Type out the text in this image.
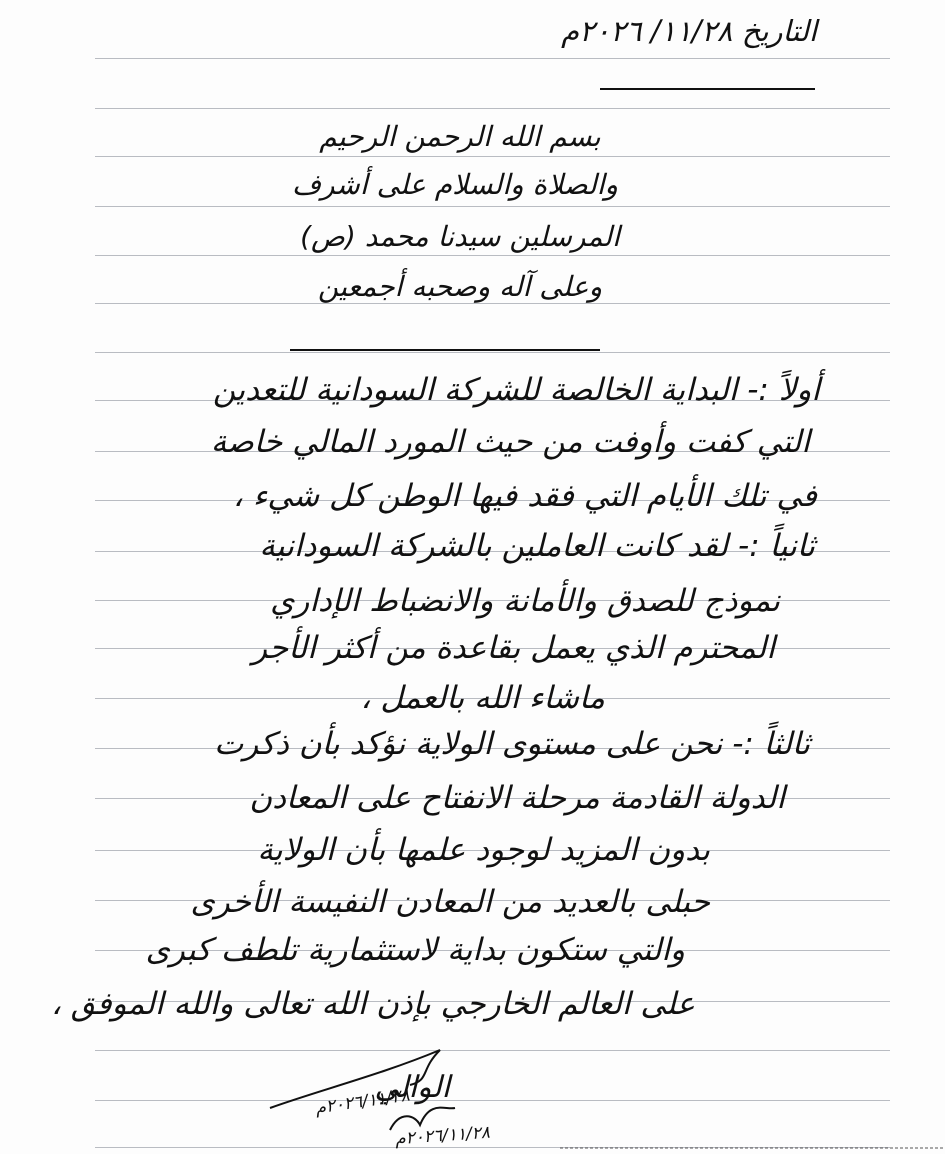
التاريخ ١١/٢٨/ ٢٠٢٦م
بسم الله الرحمن الرحيم
والصلاة والسلام على أشرف
المرسلين سيدنا محمد (ص)
وعلى آله وصحبه أجمعين
أولاً :- البداية الخالصة للشركة السودانية للتعدين
التي كفت وأوفت من حيث المورد المالي خاصة
في تلك الأيام التي فقد فيها الوطن كل شيء ،
ثانياً :- لقد كانت العاملين بالشركة السودانية
نموذج للصدق والأمانة والانضباط الإداري
المحترم الذي يعمل بقاعدة من أكثر الأجر
ماشاء الله بالعمل ،
ثالثاً :- نحن على مستوى الولاية نؤكد بأن ذكرت
الدولة القادمة مرحلة الانفتاح على المعادن
بدون المزيد لوجود علمها بأن الولاية
حبلى بالعديد من المعادن النفيسة الأخرى
والتي ستكون بداية لاستثمارية تلطف كبرى
على العالم الخارجي بإذن الله تعالى والله الموفق ،
الوالي
٢٠٢٦/١١/٢٨م
٢٠٢٦/١١/٢٨م
